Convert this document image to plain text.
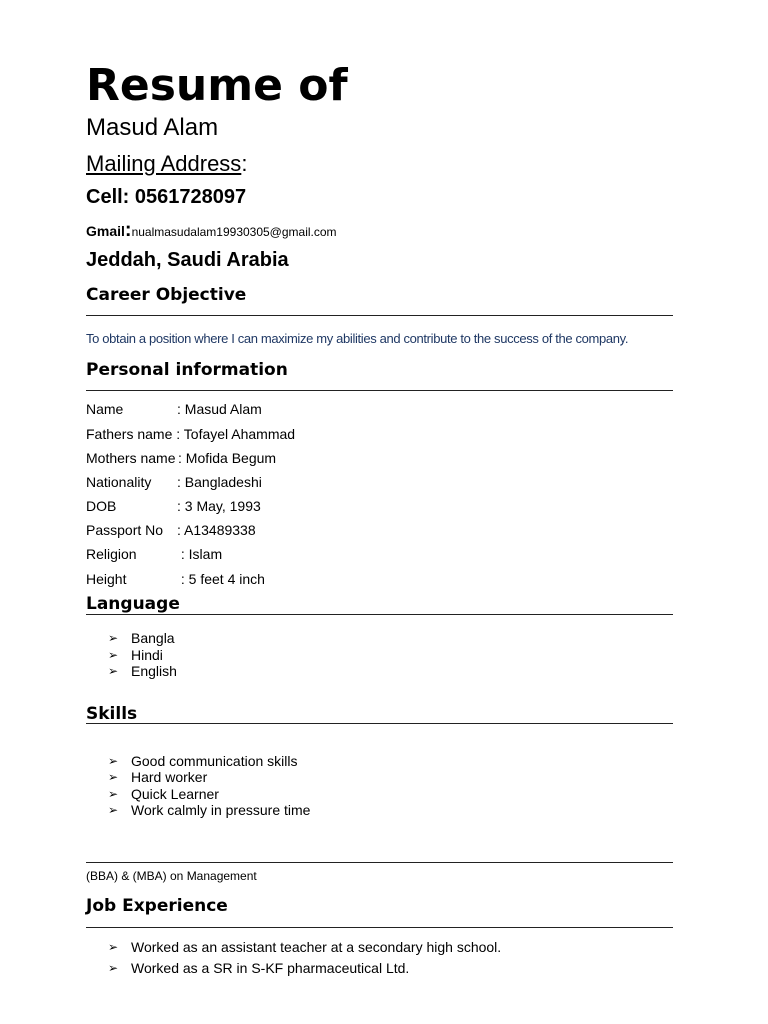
Resume of
Masud Alam
Mailing Address:
Cell: 0561728097
Gmail:nualmasudalam19930305@gmail.com
Jeddah, Saudi Arabia
Career Objective
To obtain a position where I can maximize my abilities and contribute to the success of the company.
Personal information
Name	: Masud Alam
Fathers name : Tofayel Ahammad
Mothers name : Mofida Begum
Nationality : Bangladeshi
DOB	: 3 May, 1993
Passport No : A13489338
Religion	: Islam
Height	: 5 feet 4 inch
Language
➢ Bangla
➢ Hindi
➢ English
Skills
➢ Good communication skills
➢ Hard worker
➢ Quick Learner
➢ Work calmly in pressure time
(BBA) & (MBA) on Management
Job Experience
➢ Worked as an assistant teacher at a secondary high school.
➢ Worked as a SR in S-KF pharmaceutical Ltd.
